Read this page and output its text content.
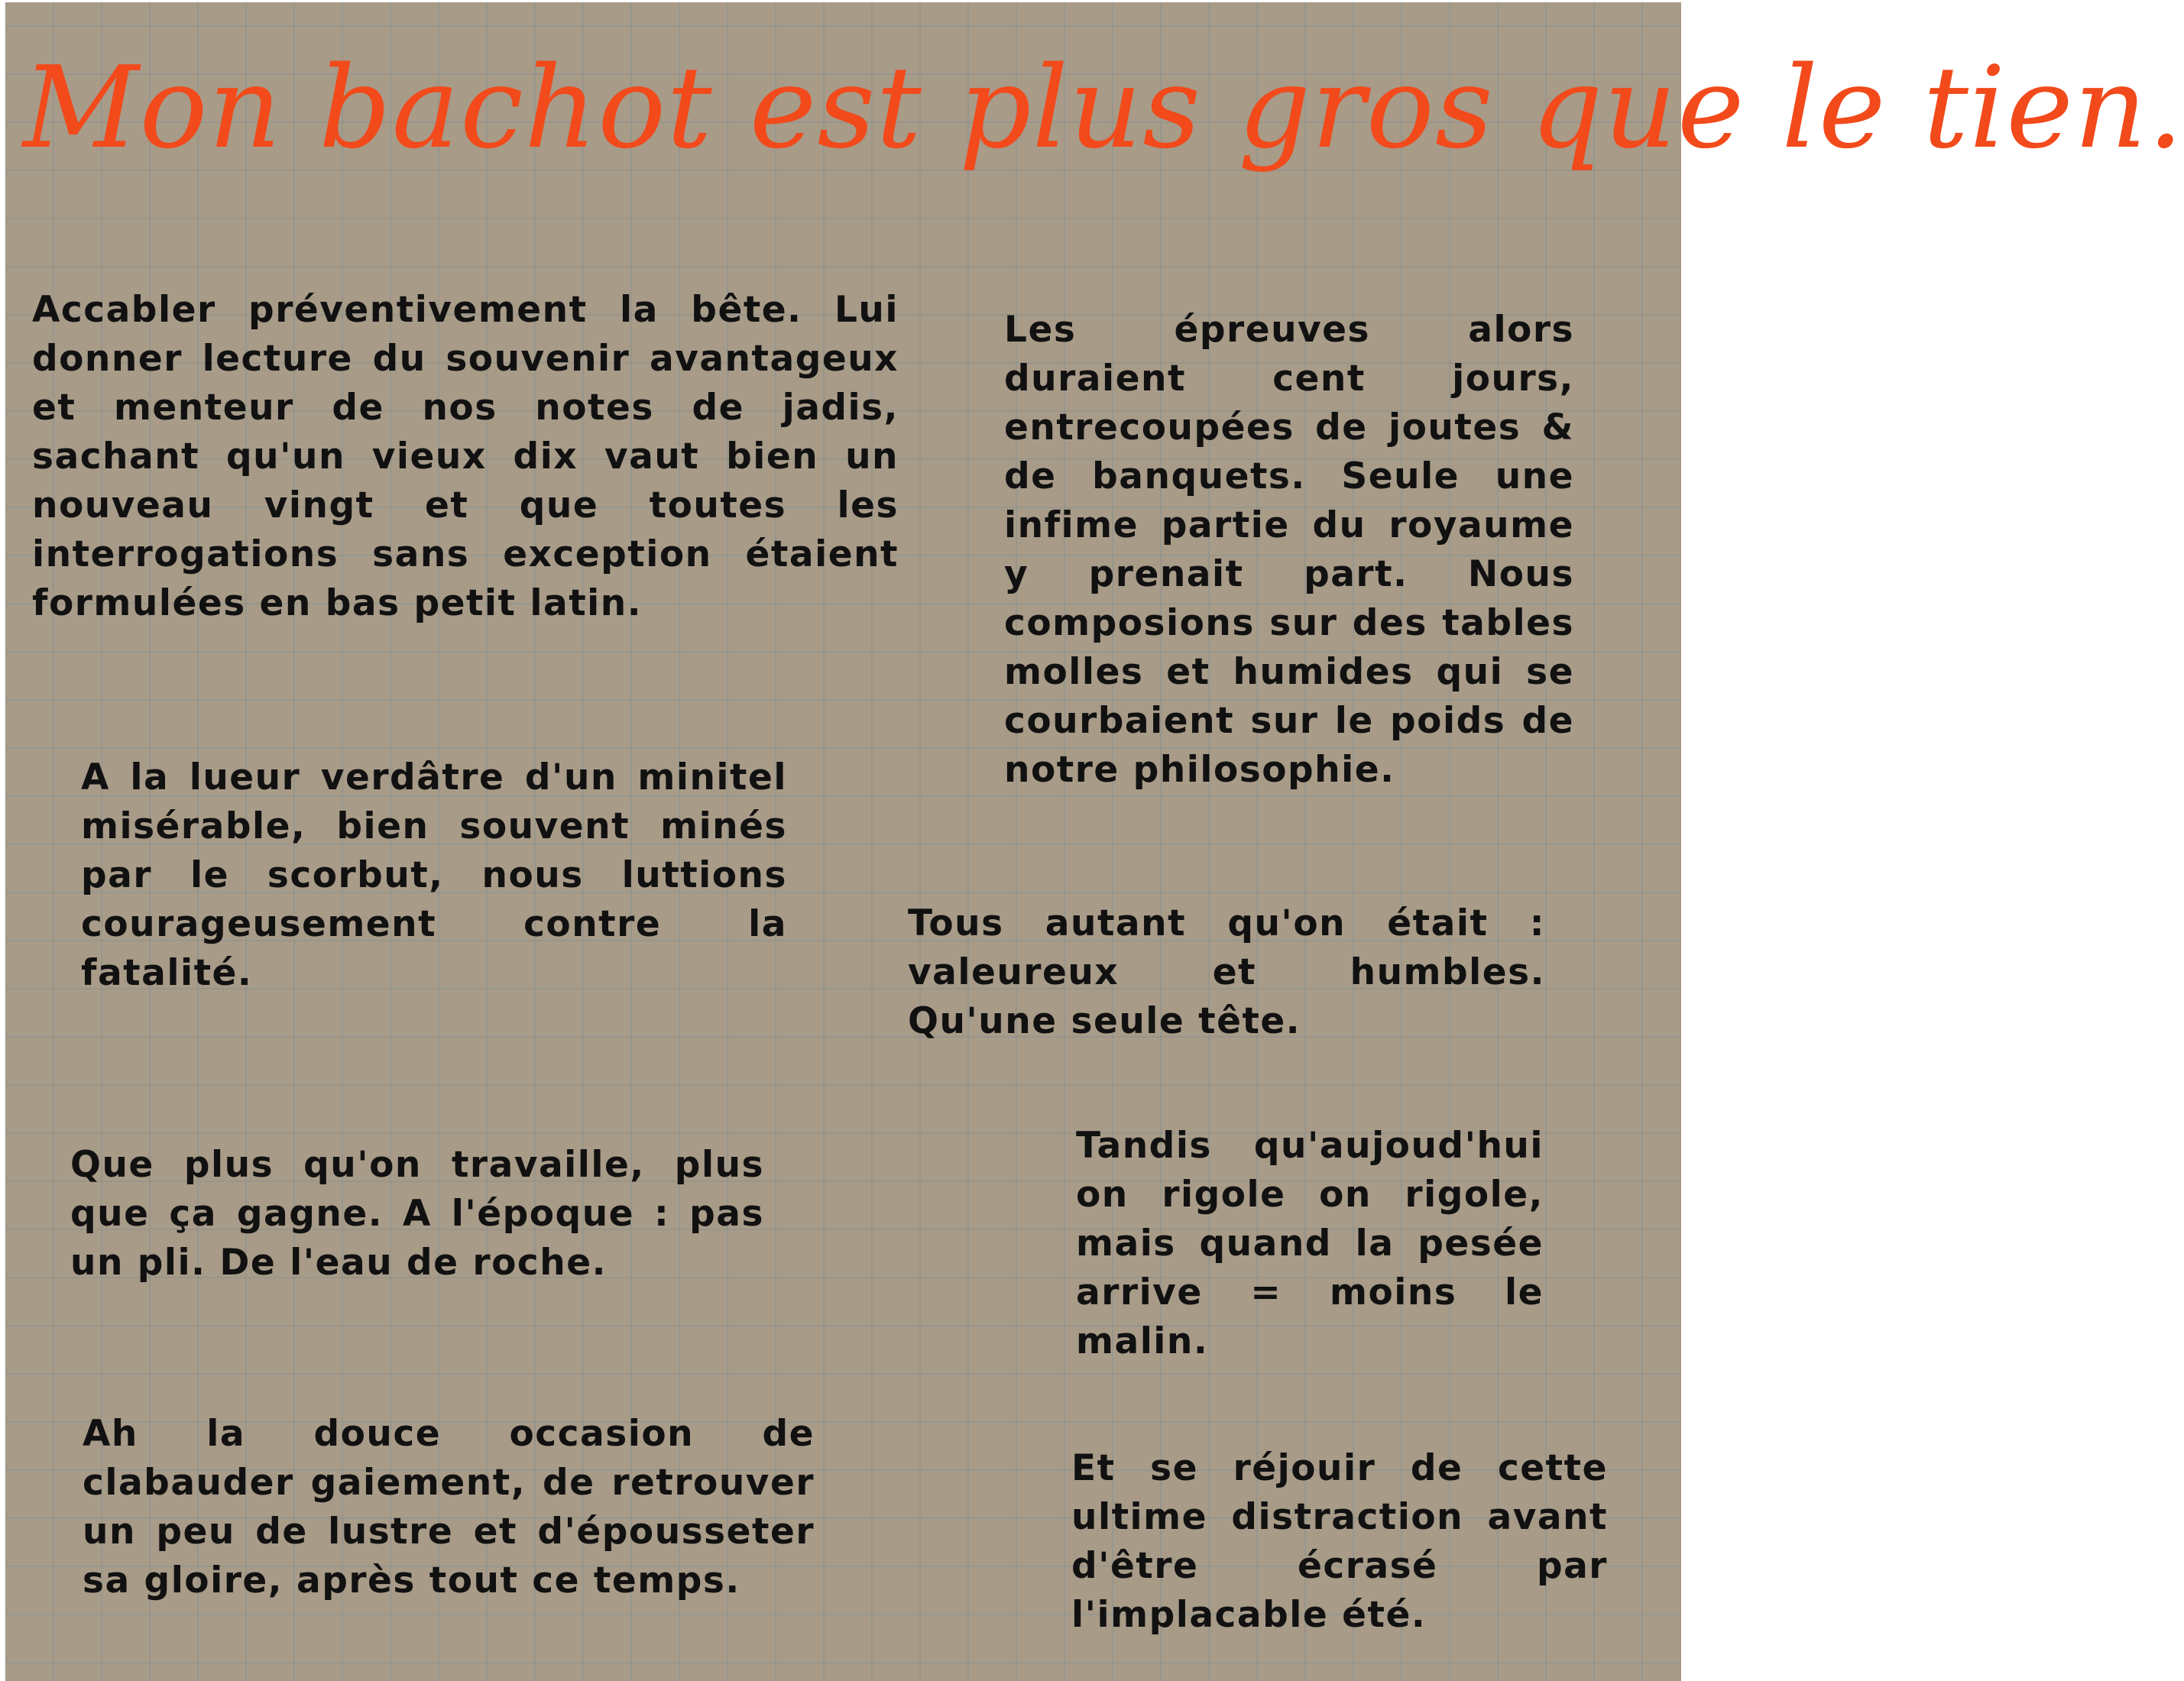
Mon bachot est plus gros que le tien.

Accabler préventivement la bête. Lui donner lecture du souvenir avantageux et menteur de nos notes de jadis, sachant qu'un vieux dix vaut bien un nouveau vingt et que toutes les interrogations sans exception étaient formulées en bas petit latin.

Les épreuves alors duraient cent jours, entrecoupées de joutes & de banquets. Seule une infime partie du royaume y prenait part. Nous composions sur des tables molles et humides qui se courbaient sur le poids de notre philosophie.

A la lueur verdâtre d'un minitel misérable, bien souvent minés par le scorbut, nous luttions courageusement contre la fatalité.

Tous autant qu'on était : valeureux et humbles. Qu'une seule tête.

Que plus qu'on travaille, plus que ça gagne. A l'époque : pas un pli. De l'eau de roche.

Tandis qu'aujoud'hui on rigole on rigole, mais quand la pesée arrive = moins le malin.

Ah la douce occasion de clabauder gaiement, de retrouver un peu de lustre et d'épousseter sa gloire, après tout ce temps.

Et se réjouir de cette ultime distraction avant d'être écrasé par l'implacable été.
